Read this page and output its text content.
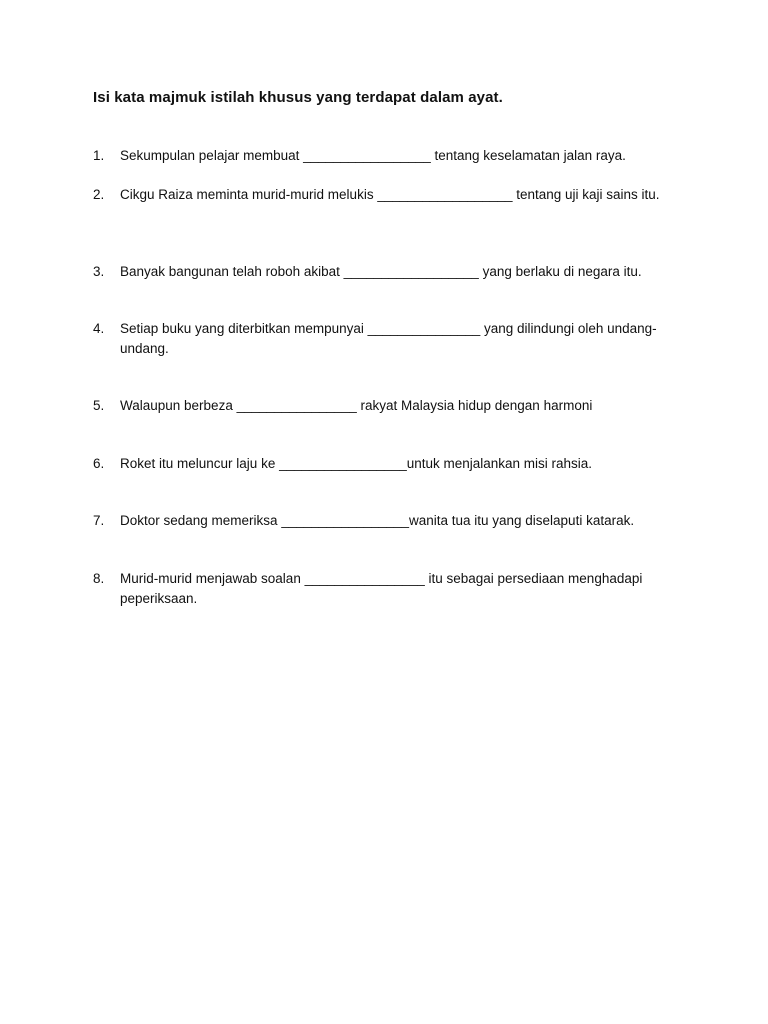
Isi kata majmuk istilah khusus yang terdapat dalam ayat.
1.	Sekumpulan pelajar membuat _________________ tentang keselamatan jalan raya.
2.	Cikgu Raiza meminta murid-murid melukis __________________ tentang uji kaji sains itu.
3.	Banyak bangunan telah roboh akibat __________________ yang berlaku di negara itu.
4.	Setiap buku yang diterbitkan mempunyai _______________ yang dilindungi oleh undang-undang.
5.	Walaupun berbeza ________________ rakyat Malaysia hidup dengan harmoni
6.	Roket itu meluncur laju ke _________________untuk menjalankan misi rahsia.
7.	Doktor sedang memeriksa _________________wanita tua itu yang diselaputi katarak.
8.	Murid-murid menjawab soalan ________________ itu sebagai persediaan menghadapi peperiksaan.
